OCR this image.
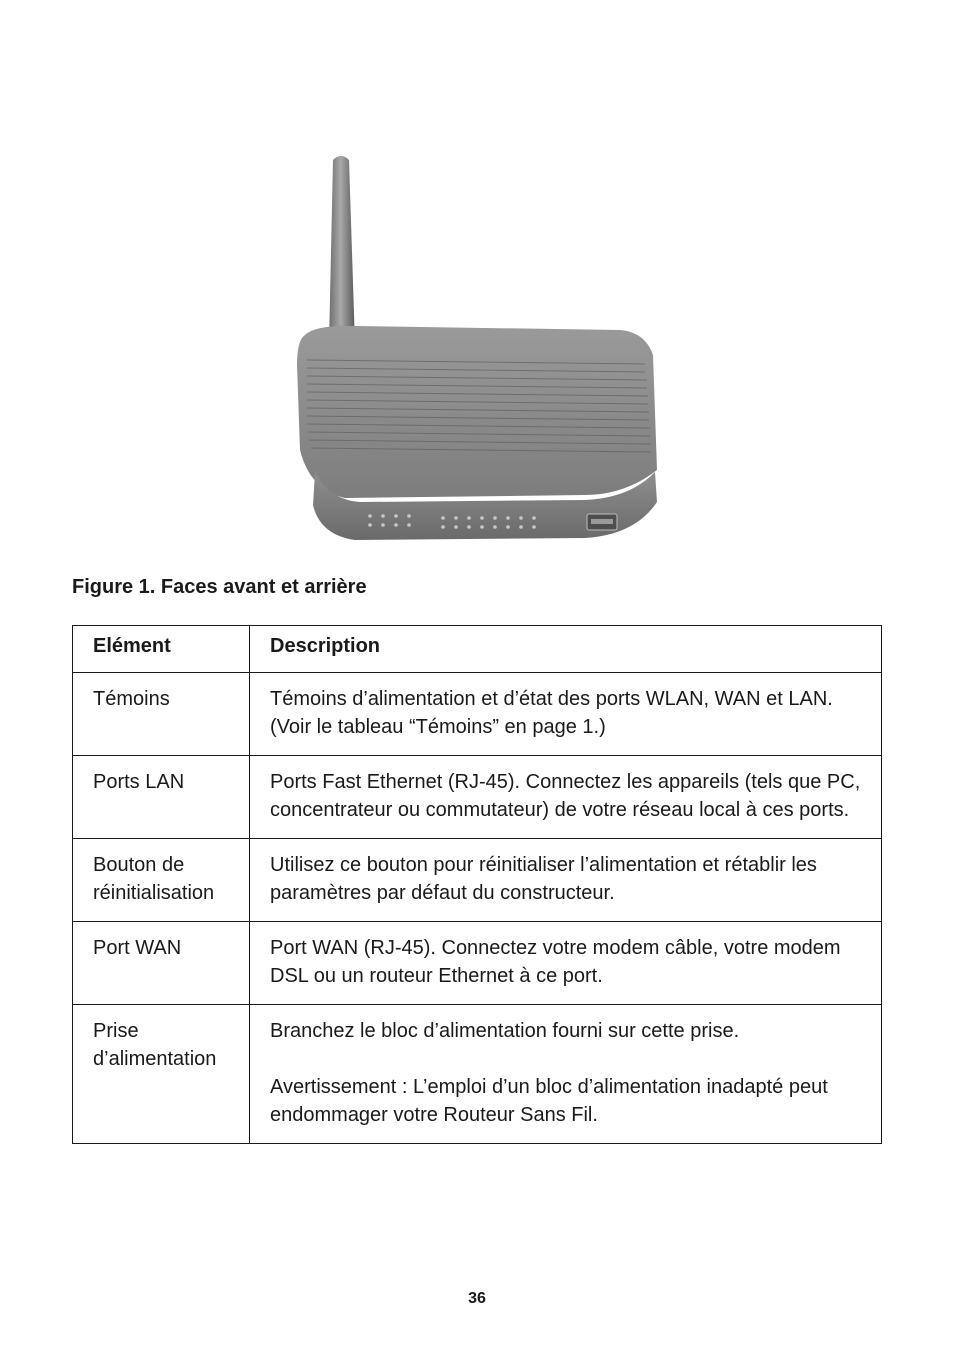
Figure 1. Faces avant et arrière
Elément	Description
Témoins	Témoins d’alimentation et d’état des ports WLAN, WAN et LAN. (Voir le tableau “Témoins” en page 1.)

Ports LAN	Ports Fast Ethernet (RJ-45). Connectez les appareils (tels que PC, concentrateur ou commutateur) de votre réseau local à ces ports.

Bouton de réinitialisation	Utilisez ce bouton pour réinitialiser l’alimentation et rétablir les paramètres par défaut du constructeur.

Port WAN	Port WAN (RJ-45). Connectez votre modem câble, votre modem DSL ou un routeur Ethernet à ce port.

Prise d’alimentation	Branchez le bloc d’alimentation fourni sur cette prise.
Avertissement : L’emploi d’un bloc d’alimentation inadapté peut endommager votre Routeur Sans Fil.
36
